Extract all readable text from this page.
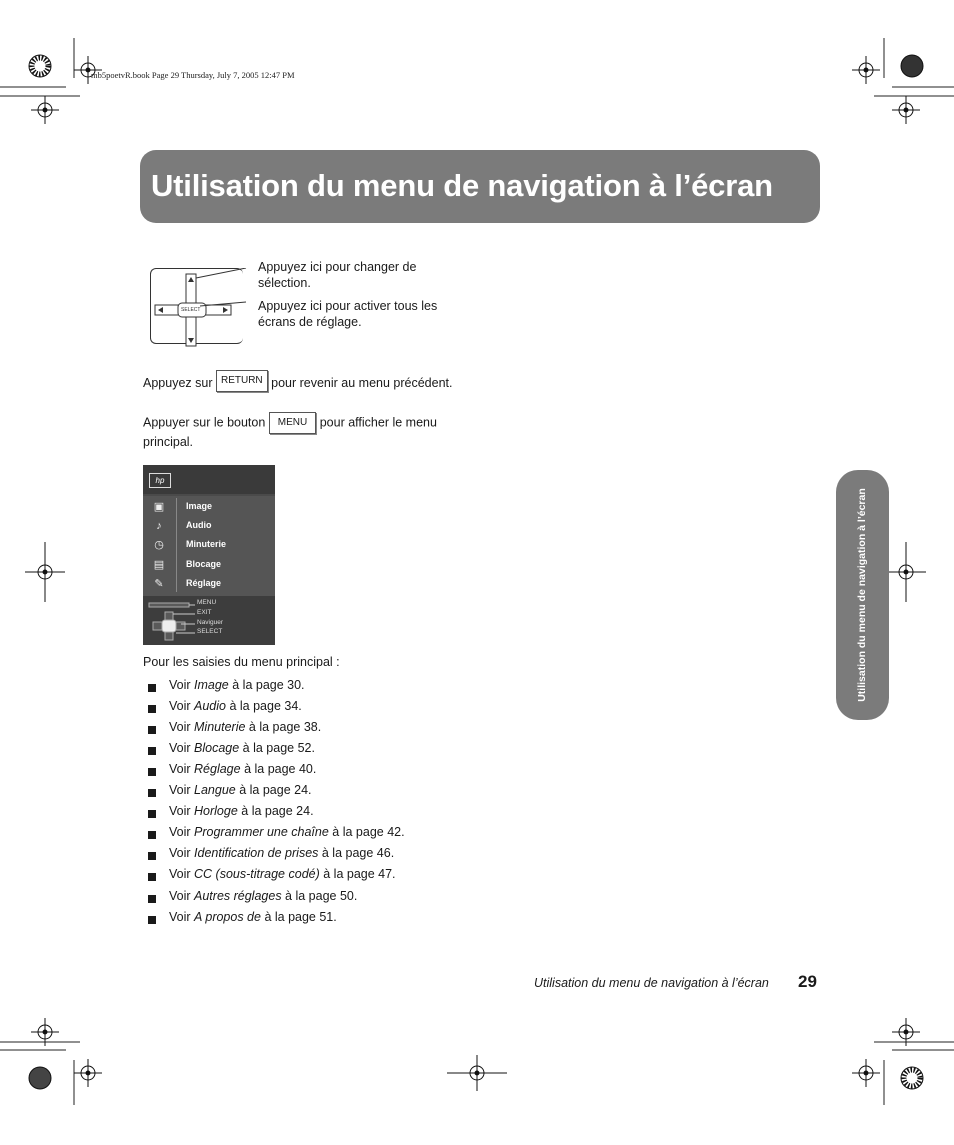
mb5poetvR.book Page 29 Thursday, July 7, 2005 12:47 PM
Utilisation du menu de navigation à l’écran
Utilisation du menu de navigation à l’écran
SELECT
Appuyez ici pour changer de sélection.
Appuyez ici pour activer tous les écrans de réglage.
Appuyez sur RETURN pour revenir au menu précédent.
Appuyer sur le bouton MENU pour afficher le menu principal.
hp
▣	Image
♪	Audio
◷	Minuterie
▤	Blocage
✎	Réglage
MENU
EXIT
Naviguer
SELECT
Pour les saisies du menu principal :
Voir Image à la page 30.
Voir Audio à la page 34.
Voir Minuterie à la page 38.
Voir Blocage à la page 52.
Voir Réglage à la page 40.
Voir Langue à la page 24.
Voir Horloge à la page 24.
Voir Programmer une chaîne à la page 42.
Voir Identification de prises à la page 46.
Voir CC (sous-titrage codé) à la page 47.
Voir Autres réglages à la page 50.
Voir A propos de à la page 51.
Utilisation du menu de navigation à l’écran 29
